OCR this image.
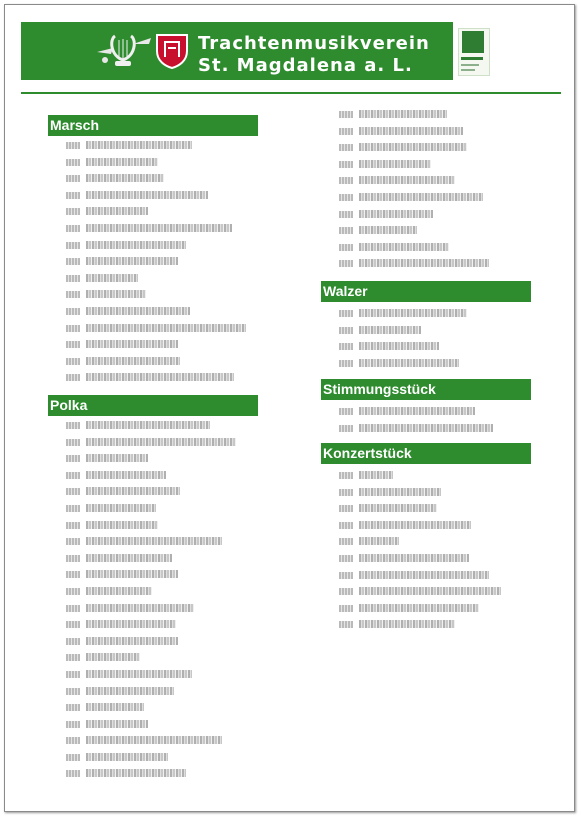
Trachtenmusikverein
St. Magdalena a. L.
Marsch
Polka
Walzer
Stimmungsstück
Konzertstück
